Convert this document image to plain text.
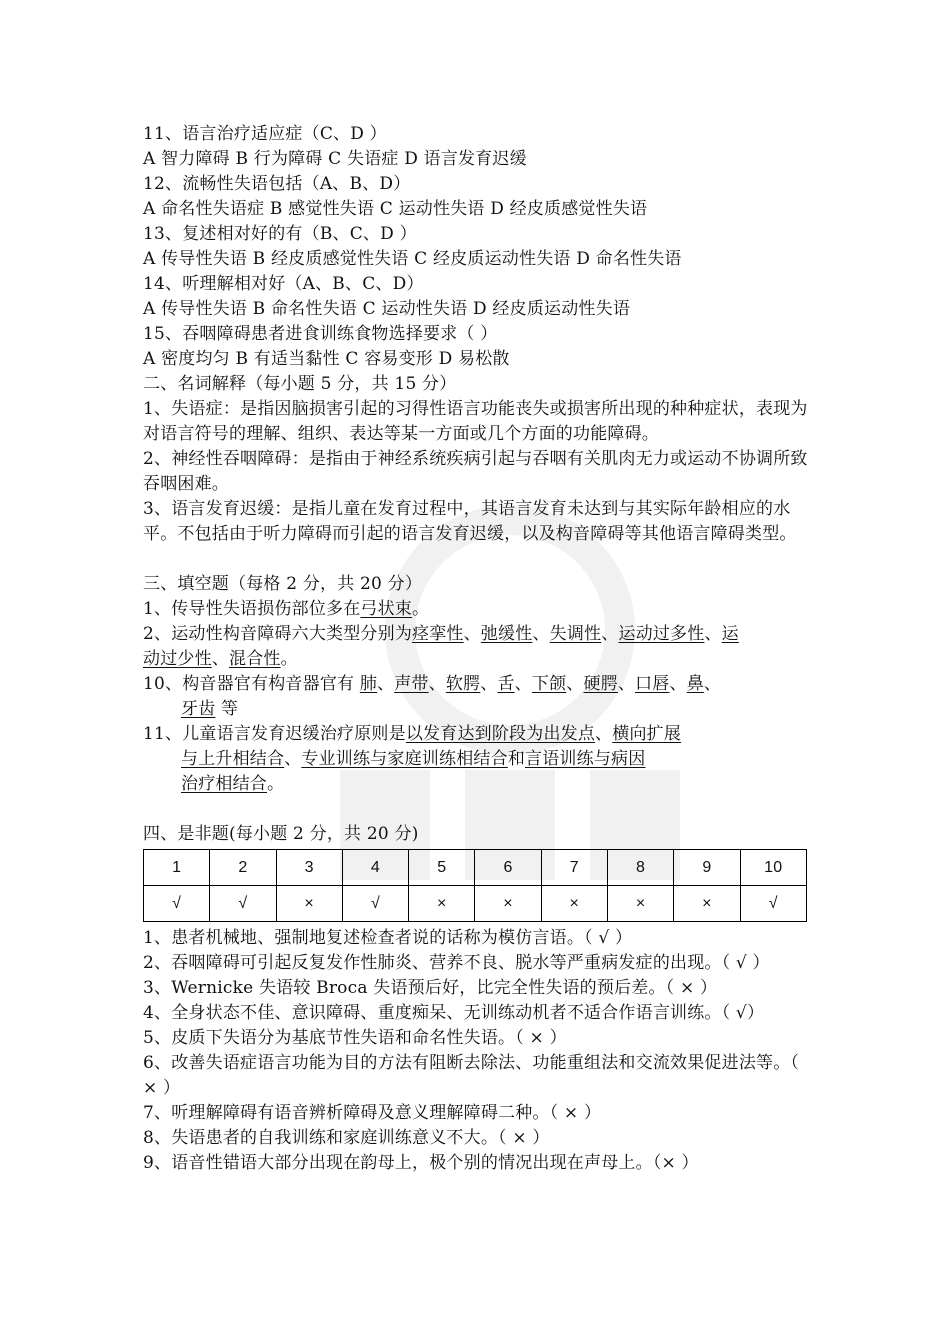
11、语言治疗适应症（C、D ）
A 智力障碍 B 行为障碍 C 失语症 D 语言发育迟缓
12、流畅性失语包括（A、B、D）
A 命名性失语症 B 感觉性失语 C 运动性失语 D 经皮质感觉性失语
13、复述相对好的有（B、C、D ）
A 传导性失语 B 经皮质感觉性失语 C 经皮质运动性失语 D 命名性失语
14、听理解相对好（A、B、C、D）
A 传导性失语 B 命名性失语 C 运动性失语 D 经皮质运动性失语
15、吞咽障碍患者进食训练食物选择要求（ ）
A 密度均匀 B 有适当黏性 C 容易变形 D 易松散
二、名词解释（每小题 5 分，共 15 分）
1、失语症：是指因脑损害引起的习得性语言功能丧失或损害所出现的种种症状，表现为对语言符号的理解、组织、表达等某一方面或几个方面的功能障碍。
2、神经性吞咽障碍：是指由于神经系统疾病引起与吞咽有关肌肉无力或运动不协调所致吞咽困难。
3、语言发育迟缓：是指儿童在发育过程中，其语言发育未达到与其实际年龄相应的水平。不包括由于听力障碍而引起的语言发育迟缓，以及构音障碍等其他语言障碍类型。
三、填空题（每格 2 分，共 20 分）
1、传导性失语损伤部位多在弓状束。
2、运动性构音障碍六大类型分别为痉挛性、弛缓性、失调性、运动过多性、运
动过少性、混合性。
10、构音器官有构音器官有 肺、声带、软腭、舌、下颌、硬腭、口唇、鼻、
牙齿 等
11、儿童语言发育迟缓治疗原则是以发育达到阶段为出发点、横向扩展
与上升相结合、专业训练与家庭训练相结合和言语训练与病因
治疗相结合。
四、是非题(每小题 2 分，共 20 分)
1	2	3	4	5	6	7	8	9	10
√	√	×	√	×	×	×	×	×	√
1、患者机械地、强制地复述检查者说的话称为模仿言语。（ √ ）
2、吞咽障碍可引起反复发作性肺炎、营养不良、脱水等严重病发症的出现。（ √ ）
3、Wernicke 失语较 Broca 失语预后好，比完全性失语的预后差。（ × ）
4、全身状态不佳、意识障碍、重度痴呆、无训练动机者不适合作语言训练。（ √）
5、皮质下失语分为基底节性失语和命名性失语。（ × ）
6、改善失语症语言功能为目的方法有阻断去除法、功能重组法和交流效果促进法等。（ × ）
7、听理解障碍有语音辨析障碍及意义理解障碍二种。（ × ）
8、失语患者的自我训练和家庭训练意义不大。（ × ）
9、语音性错语大部分出现在韵母上，极个别的情况出现在声母上。（× ）
